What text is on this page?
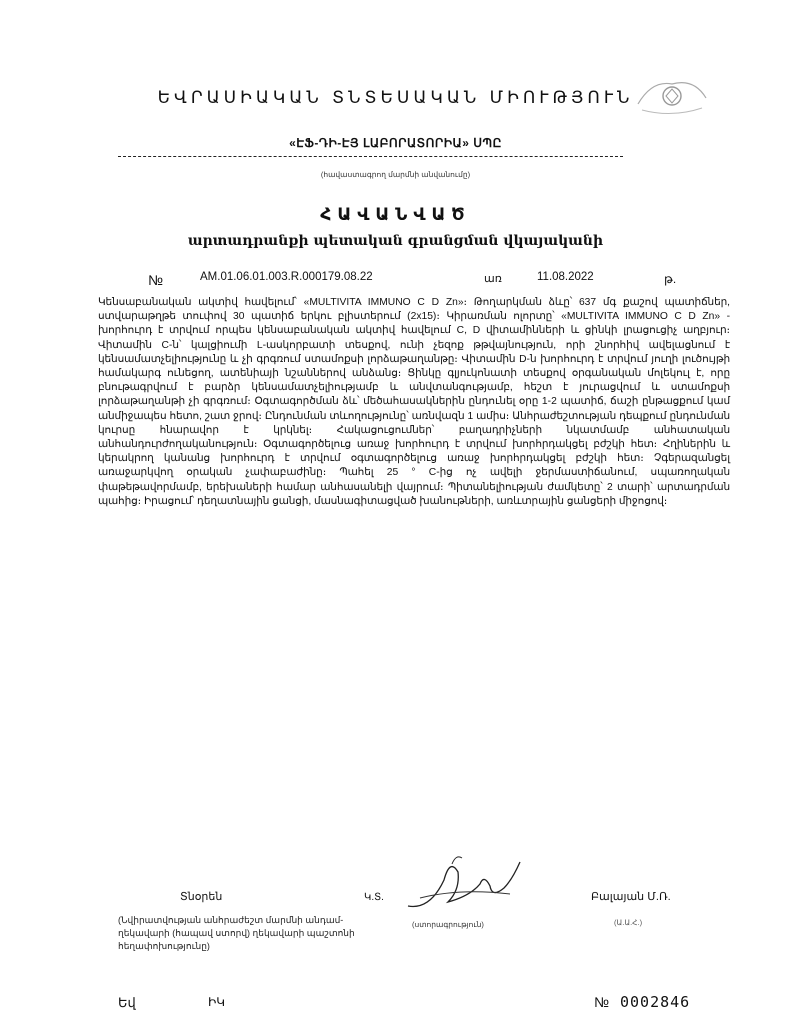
ԵՎՐԱՍԻԱԿԱՆ ՏՆՏԵՍԱԿԱՆ ՄԻՈՒԹՅՈՒՆ
«ԷՖ-ԴԻ-ԷՅ ԼԱԲՈՐԱՏՈՐԻԱ» ՍՊԸ
(հավաստագրող մարմնի անվանումը)
ՀԱՎԱՆՎԱԾ
արտադրանքի պետական գրանցման վկայականի
№	AM.01.06.01.003.R.000179.08.22	առ	11.08.2022	թ.
Կենսաբանական ակտիվ հավելում՝ «MULTIVITA IMMUNO C D Zn»։ Թողարկման ձևը՝ 637 մգ քաշով պատիճներ, ստվարաթղթե տուփով 30 պատիճ երկու բլիստերում (2x15)։ Կիրառման ոլորտը՝ «MULTIVITA IMMUNO C D Zn» - խորհուրդ է տրվում որպես կենսաբանական ակտիվ հավելում C, D վիտամինների և ցինկի լրացուցիչ աղբյուր։ Վիտամին C-ն՝ կալցիումի L-ասկորբատի տեսքով, ունի չեզոք թթվայնություն, որի շնորհիվ ավելացնում է կենսամատչելիությունը և չի գրգռում ստամոքսի լորձաթաղանթը։ Վիտամին D-ն խորհուրդ է տրվում յուղի լուծույթի համակարգ ունեցող, ատենիայի նշաններով անձանց։ Ցինկը գլյուկոնատի տեսքով օրգանական մոլեկուլ է, որը բնութագրվում է բարձր կենսամատչելիությամբ և անվտանգությամբ, հեշտ է յուրացվում և ստամոքսի լորձաթաղանթի չի գրգռում։ Օգտագործման ձև՝ մեծահասակներին ընդունել օրը 1-2 պատիճ, ճաշի ընթացքում կամ անմիջապես հետո, շատ ջրով։ Ընդունման տևողությունը՝ առնվազն 1 ամիս։ Անհրաժեշտության դեպքում ընդունման կուրսը հնարավոր է կրկնել։ Հակացուցումներ՝ բաղադրիչների նկատմամբ անհատական անհանդուրժողականություն։ Օգտագործելուց առաջ խորհուրդ է տրվում խորհրդակցել բժշկի հետ։ Հղիներին և կերակրող կանանց խորհուրդ է տրվում օգտագործելուց առաջ խորհրդակցել բժշկի հետ։ Չգերազանցել առաջարկվող օրական չափաբաժինը։ Պահել 25 ° C-ից ոչ ավելի ջերմաստիճանում, սպառողական փաթեթավորմամբ, երեխաների համար անհասանելի վայրում։ Պիտանելիության ժամկետը՝ 2 տարի՝ արտադրման պահից։ Իրացում՝ դեղատնային ցանցի, մասնագիտացված խանութների, առևտրային ցանցերի միջոցով։
Տնօրեն	Կ.Տ.	Բալայան Մ.Ռ.
(Նվիրատվության անհրաժեշտ մարմնի անդամ-ղեկավարի (հապավ ստորվ) ղեկավարի պաշտոնի հեղափոխությունը)
(ստորագրություն)	(Ա.Ա.Հ.)
Եվ	ԻԿ	№ 0002846
